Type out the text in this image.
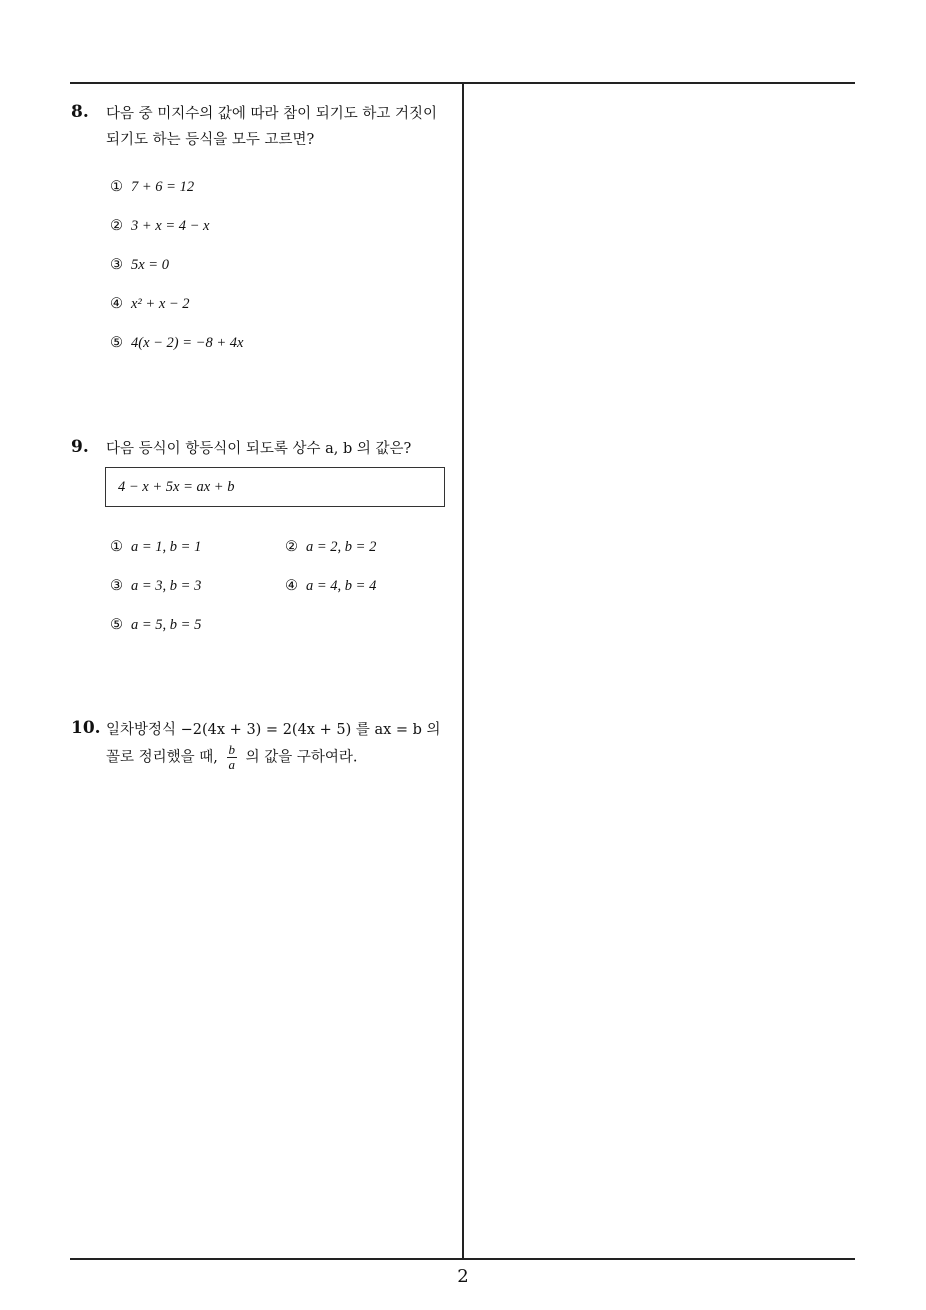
8. 다음 중 미지수의 값에 따라 참이 되기도 하고 거짓이
되기도 하는 등식을 모두 고르면?
① 7 + 6 = 12
② 3 + x = 4 − x
③ 5x = 0
④ x² + x − 2
⑤ 4(x − 2) = −8 + 4x
9. 다음 등식이 항등식이 되도록 상수 a, b 의 값은?
4 − x + 5x = ax + b
① a = 1, b = 1	② a = 2, b = 2
③ a = 3, b = 3	④ a = 4, b = 4
⑤ a = 5, b = 5
10. 일차방정식 −2(4x + 3) = 2(4x + 5) 를 ax = b 의
꼴로 정리했을 때, $\frac{b}{a}$ 의 값을 구하여라.
2
